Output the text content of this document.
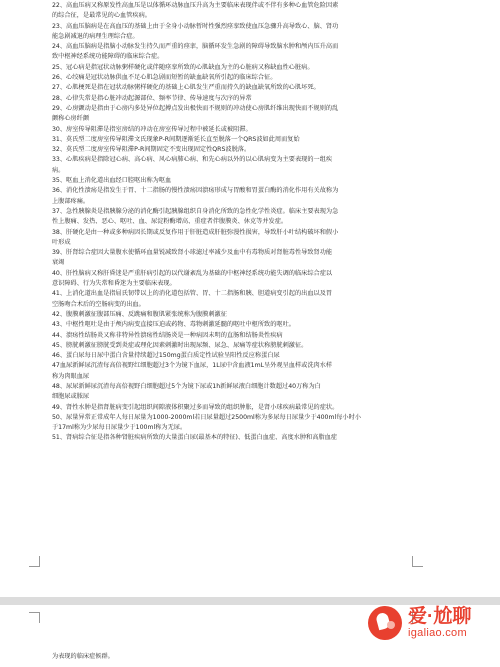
22、高血压病又称原发性高血压是以体循环动脉血压升高为主要临床表现伴或不伴有多种心血管危险因素
的综合征，是最常见的心血管疾病。
23、高血压脑病是在高血压的基础上由于全身小动脉暂时性强烈痉挛致使血压急骤升高导致心、脑、肾功
能急剧减退的病理生理综合症。
24、高血压脑病是指脑小动脉发生持久而严重的痉挛，脑循环发生急剧的障碍导致脑水肿和颅内压升高而
致中枢神经系统功能障碍的临床综合症。
25、冠心病是指冠状动脉粥样硬化或伴随痉挛所致的心肌缺血为主的心脏病又称缺血性心脏病。
26、心绞痛是冠状动脉供血不足心肌急剧而短暂的缺血缺氧所引起的临床综合征。
27、心肌梗死是指在冠状动脉粥样硬化的基础上心肌发生严重而持久的缺血缺氧所致的心肌坏死。
28、心律失常是指心脏冲动起源部位、频率节律、传导速度与次序的异常
29、心房颤动是指由于心房内多处异位起搏点发出极快而不规则的冲动使心房肌纤维出现快而不规则的乱
颤称心房纤颤
30、房室传导阻滞是指室房结的冲动在房室传导过程中被延长或被阻滞。
31、莫氏型二度房室传导阻滞文氏现象P-R间期逐渐延长直至脱落一个QRS波如此周而复始
32、莫氏型二度房室传导阻滞P-R间期固定不变出现固定性QRS波脱落。
33、心肌疾病是指除冠心病、高心病、风心病肺心病、和先心病以外的以心肌病变为主要表现的一组疾
病。
35、呕血上消化道出血经口腔呕出称为呕血
36、消化性溃疡是指发生于胃、十二指肠的慢性溃疡因溃疡形成与胃酸和胃蛋白酶的消化作用有关故称为
上腹部疼痛。
37、急性胰腺炎是指胰腺分泌的消化酶引起胰腺组织自身消化所致的急性化学性炎症。临床主要表现为急
性上腹痛、发热、恶心、呕吐、血、尿淀粉酶增高、重症者伴腹膜炎、休克等并发症。
38、肝硬化是由一种或多种病因长期或反复作用于肝脏造成肝脏弥漫性损害，导致肝小叶结构破坏和假小
叶形成
39、肝肾综合症因大量腹水使循环血量锐减致肾小球滤过率减少及血中有毒物质对肾脏毒性导致肾功能
衰竭
40、肝性脑病又称肝昏迷是严重肝病引起的以代谢紊乱为基础的中枢神经系统功能失调的临床综合症以
意识障碍、行为失常和昏迷为主要临床表现。
41、上消化道出血是指屈氏韧带以上的消化道包括管、胃、十二指肠和胰、胆道病变引起的出血以及胃
空肠吻合术后的空肠病变的出血。
42、腹膜刺激征腹部压痛、反跳痛和腹肌紧张统称为腹膜刺激征
43、中枢性呕吐是由于颅内病变直接压迫或药物、毒物刺激延髓的呕吐中枢所致的呕吐。
44、溃疡性结肠炎又称非特异性溃疡性结肠炎是一种病因未明的直肠和结肠炎性疾病
45、膀胱刺激征膀胱受到炎症或理化因素刺激时出现尿频、尿急、尿痛等症状称膀胱刺激征。
46、蛋白尿每日尿中蛋白含量持续超过150mg蛋白质定性试验呈阳性反应称蛋白尿
47血尿新鲜尿沉渣每高倍视野红细胞超过3个为镜下血尿，1L尿中含血液1mL呈外观呈血样或洗肉水样
称为肉眼血尿
48、尿尿新鲜尿沉渣每高倍视野白细胞超过5个为镜下尿或1h新鲜尿液白细胞计数超过40万称为白
细胞尿或脓尿
49、肾性水肿是指肾脏病变引起组织间隙液体积聚过多而导致的组织肿胀，是肾小球疾病最常见的症状。
50、尿量异常正常成年人每日尿量为1000-2000ml若日尿量超过2500ml称为多尿每日尿量少于400ml每小时小
于17ml称为少尿每日尿量少于100ml称为无尿。
51、肾病综合征是指各种肾脏疾病所致的大量蛋白尿(最基本的特征)、低蛋白血症、高度水肿和高脂血症
为表现的临床症候群。
爱·尬聊
igaliao.com
